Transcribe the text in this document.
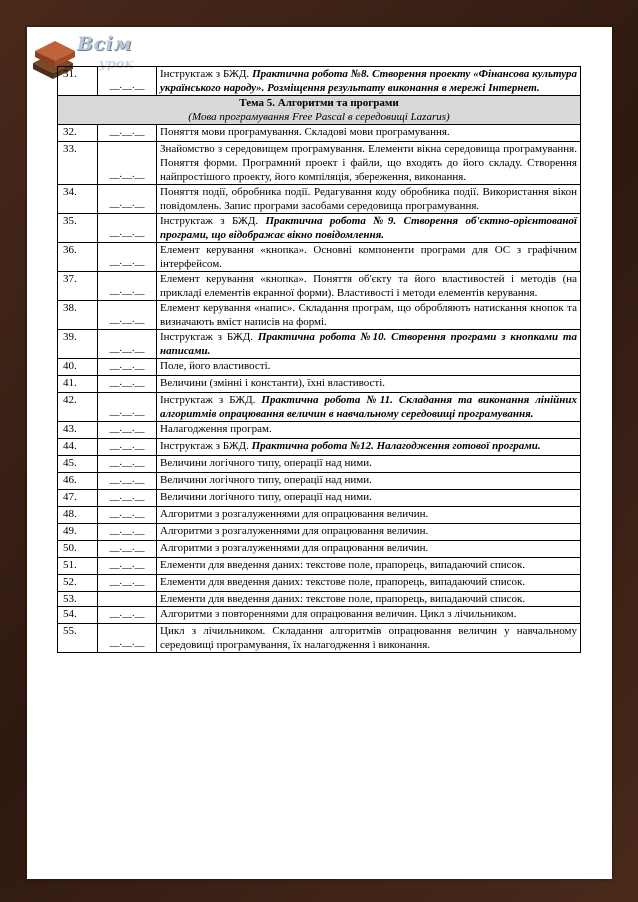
Всім
урок
31.	__.__.__	Інструктаж з БЖД. Практична робота №8. Створення проекту «Фінансова культура українського народу». Розміщення результату виконання в мережі Інтернет.
Тема 5. Алгоритми та програми
(Мова програмування Free Pascal в середовищі Lazarus)		

32.	__.__.__	Поняття мови програмування. Складові мови програмування.
33.	__.__.__	Знайомство з середовищем програмування. Елементи вікна середовища програмування. Поняття форми. Програмний проект і файли, що входять до його складу. Створення найпростішого проекту, його компіляція, збереження, виконання.
34.	__.__.__	Поняття події, обробника події. Редагування коду обробника події. Використання вікон повідомлень. Запис програми засобами середовища програмування.
35.	__.__.__	Інструктаж з БЖД. Практична робота №9. Створення об'єктно-орієнтованої програми, що відображає вікно повідомлення.
36.	__.__.__	Елемент керування «кнопка». Основні компоненти програми для ОС з графічним інтерфейсом.
37.	__.__.__	Елемент керування «кнопка». Поняття об'єкту та його властивостей і методів (на прикладі елементів екранної форми). Властивості і методи елементів керування.
38.	__.__.__	Елемент керування «напис». Складання програм, що обробляють натискання кнопок та визначають вміст написів на формі.
39.	__.__.__	Інструктаж з БЖД. Практична робота №10. Створення програми з кнопками та написами.
40.	__.__.__	Поле, його властивості.
41.	__.__.__	Величини (змінні і константи), їхні властивості.
42.	__.__.__	Інструктаж з БЖД. Практична робота №11. Складання та виконання лінійних алгоритмів опрацювання величин в навчальному середовищі програмування.
43.	__.__.__	Налагодження програм.
44.	__.__.__	Інструктаж з БЖД. Практична робота №12. Налагодження готової програми.
45.	__.__.__	Величини логічного типу, операції над ними.
46.	__.__.__	Величини логічного типу, операції над ними.
47.	__.__.__	Величини логічного типу, операції над ними.
48.	__.__.__	Алгоритми з розгалуженнями для опрацювання величин.
49.	__.__.__	Алгоритми з розгалуженнями для опрацювання величин.
50.	__.__.__	Алгоритми з розгалуженнями для опрацювання величин.
51.	__.__.__	Елементи для введення даних: текстове поле, прапорець, випадаючий список.
52.	__.__.__	Елементи для введення даних: текстове поле, прапорець, випадаючий список.
53.		Елементи для введення даних: текстове поле, прапорець, випадаючий список.
54.	__.__.__	Алгоритми з повтореннями для опрацювання величин. Цикл з лічильником.
55.	__.__.__	Цикл з лічильником. Складання алгоритмів опрацювання величин у навчальному середовищі програмування, їх налагодження і виконання.
